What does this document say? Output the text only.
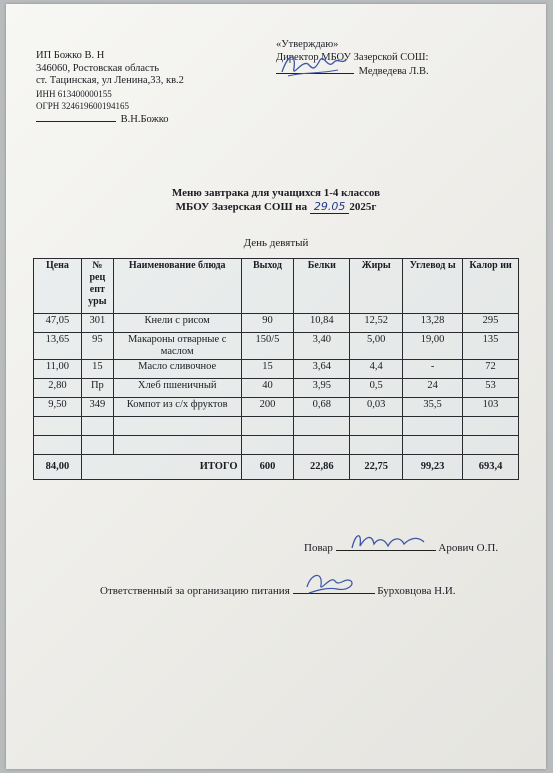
ИП Божко В. Н
346060, Ростовская область
ст. Тацинская, ул Ленина,33, кв.2
ИНН 613400000155
ОГРН 324619600194165
В.Н.Божко
«Утверждаю»
Директор МБОУ Зазерской СОШ:
Медведева Л.В.
Меню завтрака для учащихся 1-4 классов
МБОУ Зазерская СОШ на 29.05 2025г
День девятый
Цена	№ рец епт уры	Наименование блюда	Выход	Белки	Жиры	Углевод ы	Калор ии
47,05	301	Кнели с рисом	90	10,84	12,52	13,28	295
13,65	95	Макароны отварные с маслом	150/5	3,40	5,00	19,00	135
11,00	15	Масло сливочное	15	3,64	4,4	-	72
2,80	Пр	Хлеб пшеничный	40	3,95	0,5	24	53
9,50	349	Компот из с/х фруктов	200	0,68	0,03	35,5	103

84,00	ИТОГО		600	22,86	22,75	99,23	693,4
Повар	Арович О.П.
Ответственный за организацию питания	Бурховцова Н.И.
